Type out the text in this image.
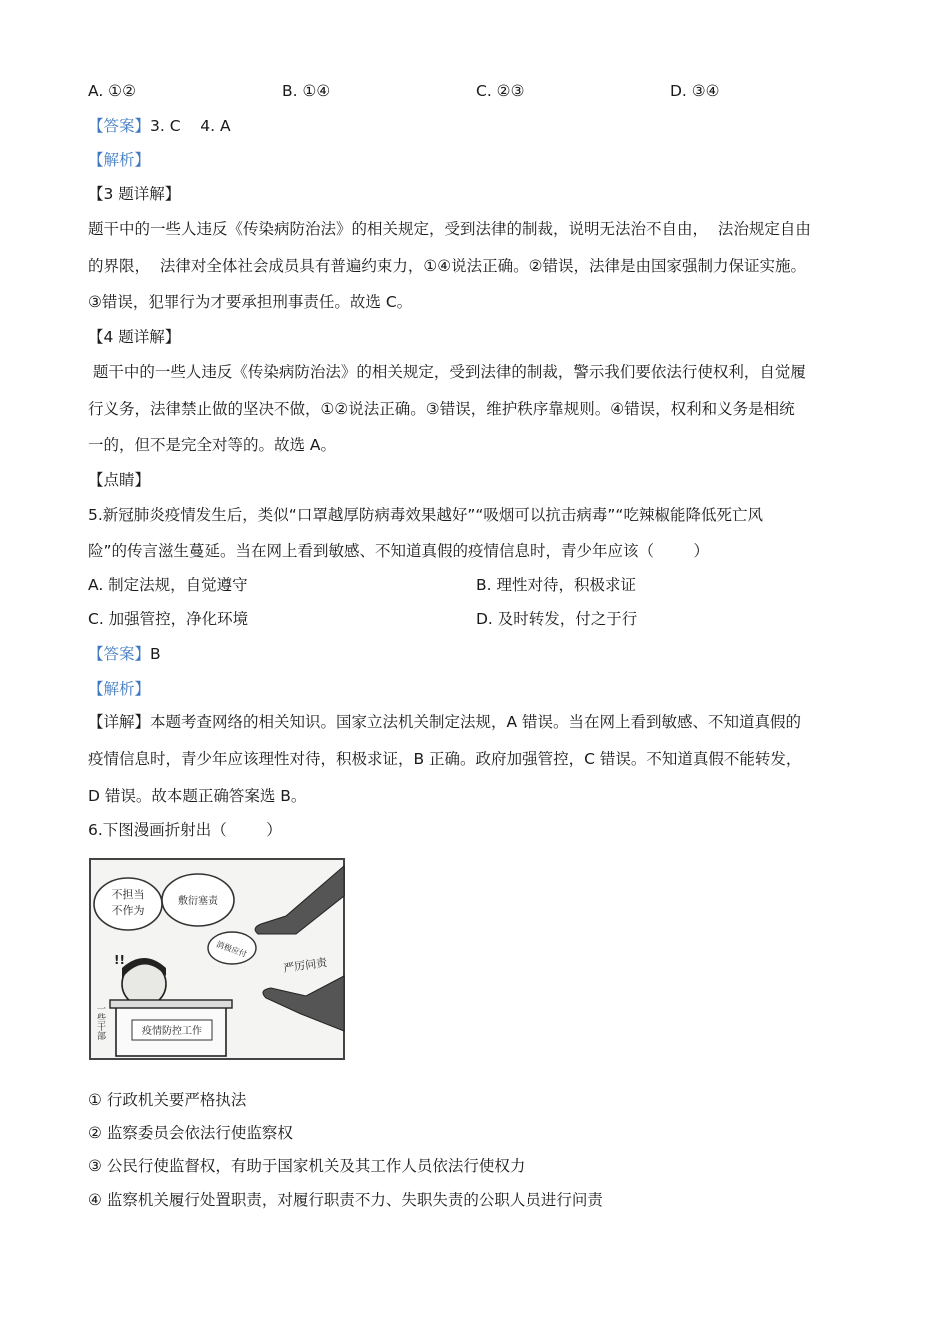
A. ①②	B. ①④	C. ②③	D. ③④
【答案】3. C    4. A
【解析】
【3 题详解】
题干中的一些人违反《传染病防治法》的相关规定，受到法律的制裁，说明无法治不自由，  法治规定自由
的界限，  法律对全体社会成员具有普遍约束力，①④说法正确。②错误，法律是由国家强制力保证实施。
③错误，犯罪行为才要承担刑事责任。故选 C。
【4 题详解】
题干中的一些人违反《传染病防治法》的相关规定，受到法律的制裁，警示我们要依法行使权利，自觉履
行义务，法律禁止做的坚决不做，①②说法正确。③错误，维护秩序靠规则。④错误，权利和义务是相统
一的，但不是完全对等的。故选 A。
【点睛】
5.新冠肺炎疫情发生后，类似“口罩越厚防病毒效果越好”“吸烟可以抗击病毒”“吃辣椒能降低死亡风
险”的传言滋生蔓延。当在网上看到敏感、不知道真假的疫情信息时，青少年应该（        ）
A. 制定法规，自觉遵守	B. 理性对待，积极求证
C. 加强管控，净化环境	D. 及时转发，付之于行
【答案】B
【解析】
【详解】本题考查网络的相关知识。国家立法机关制定法规，A 错误。当在网上看到敏感、不知道真假的
疫情信息时，青少年应该理性对待，积极求证，B 正确。政府加强管控，C 错误。不知道真假不能转发，
D 错误。故本题正确答案选 B。
6.下图漫画折射出（        ）
不担当
不作为
敷衍塞责
消极应付
严厉问责
!!
一些干部	疫情防控工作
① 行政机关要严格执法
② 监察委员会依法行使监察权
③ 公民行使监督权，有助于国家机关及其工作人员依法行使权力
④ 监察机关履行处置职责，对履行职责不力、失职失责的公职人员进行问责
